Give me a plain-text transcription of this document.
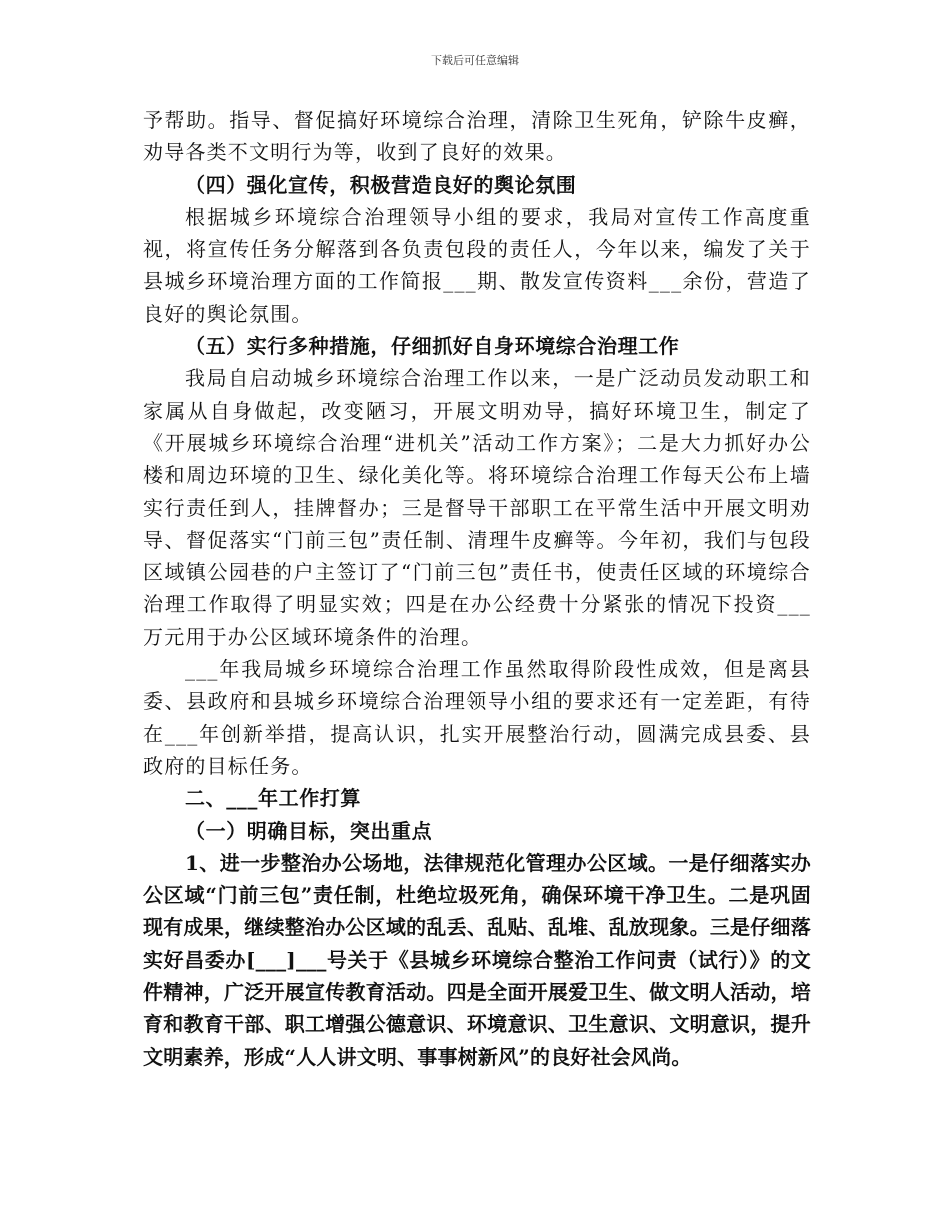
下载后可任意编辑

予帮助。指导、督促搞好环境综合治理，清除卫生死角，铲除牛皮癣，劝导各类不文明行为等，收到了良好的效果。

（四）强化宣传，积极营造良好的舆论氛围

根据城乡环境综合治理领导小组的要求，我局对宣传工作高度重视，将宣传任务分解落到各负责包段的责任人，今年以来，编发了关于县城乡环境治理方面的工作简报___期、散发宣传资料___余份，营造了良好的舆论氛围。

（五）实行多种措施，仔细抓好自身环境综合治理工作

我局自启动城乡环境综合治理工作以来，一是广泛动员发动职工和家属从自身做起，改变陋习，开展文明劝导，搞好环境卫生，制定了《开展城乡环境综合治理“进机关”活动工作方案》；二是大力抓好办公楼和周边环境的卫生、绿化美化等。将环境综合治理工作每天公布上墙实行责任到人，挂牌督办；三是督导干部职工在平常生活中开展文明劝导、督促落实“门前三包”责任制、清理牛皮癣等。今年初，我们与包段区域镇公园巷的户主签订了“门前三包”责任书，使责任区域的环境综合治理工作取得了明显实效；四是在办公经费十分紧张的情况下投资___万元用于办公区域环境条件的治理。

___年我局城乡环境综合治理工作虽然取得阶段性成效，但是离县委、县政府和县城乡环境综合治理领导小组的要求还有一定差距，有待在___年创新举措，提高认识，扎实开展整治行动，圆满完成县委、县政府的目标任务。

二、___年工作打算

（一）明确目标，突出重点

1、进一步整治办公场地，法律规范化管理办公区域。一是仔细落实办公区域“门前三包”责任制，杜绝垃圾死角，确保环境干净卫生。二是巩固现有成果，继续整治办公区域的乱丢、乱贴、乱堆、乱放现象。三是仔细落实好昌委办[___]___号关于《县城乡环境综合整治工作问责（试行）》的文件精神，广泛开展宣传教育活动。四是全面开展爱卫生、做文明人活动，培育和教育干部、职工增强公德意识、环境意识、卫生意识、文明意识，提升文明素养，形成“人人讲文明、事事树新风”的良好社会风尚。
